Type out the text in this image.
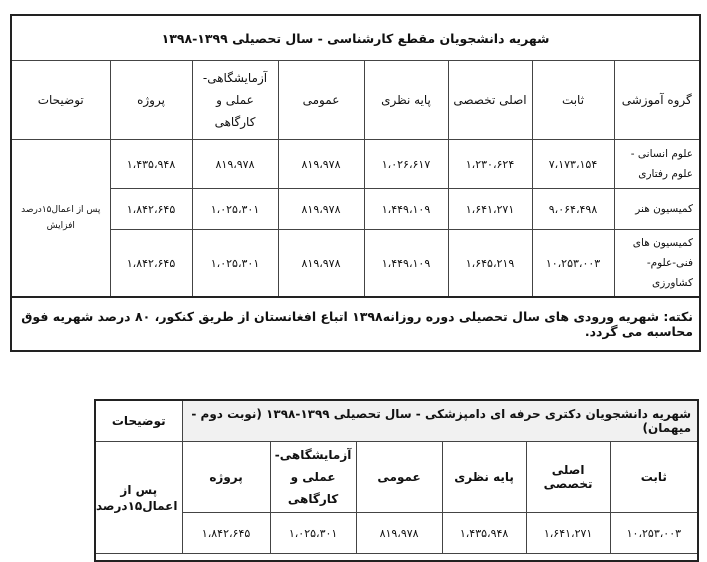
شهریه دانشجویان مقطع کارشناسی - سال تحصیلی ۱۳۹۹-۱۳۹۸							
گروه آموزشی	ثابت	اصلی تخصصی	پایه نظری	عمومی	آزمایشگاهی-
عملی و کارگاهی	پروژه	توضیحات

علوم انسانی -
علوم رفتاری	۷،۱۷۳،۱۵۴	۱،۲۳۰،۶۲۴	۱،۰۲۶،۶۱۷	۸۱۹،۹۷۸	۸۱۹،۹۷۸	۱،۴۳۵،۹۴۸	پس از اعمال۱۵درصد افزایش
کمیسیون هنر	۹،۰۶۴،۴۹۸	۱،۶۴۱،۲۷۱	۱،۴۴۹،۱۰۹	۸۱۹،۹۷۸	۱،۰۲۵،۳۰۱	۱،۸۴۲،۶۴۵	

کمیسیون های
فنی-علوم-
کشاورزی	۱۰،۲۵۳،۰۰۳	۱،۶۴۵،۲۱۹	۱،۴۴۹،۱۰۹	۸۱۹،۹۷۸	۱،۰۲۵،۳۰۱	۱،۸۴۲،۶۴۵	
نکته: شهریه ورودی های سال تحصیلی دوره روزانه۱۳۹۸ اتباع افغانستان از طریق کنکور، ۸۰ درصد شهریه فوق محاسبه می گردد.							
شهریه دانشجویان دکتری حرفه ای دامپزشکی - سال تحصیلی ۱۳۹۹-۱۳۹۸ (نوبت دوم - میهمان)						توضیحات
ثابت	اصلی تخصصی	پایه نظری	عمومی	آزمایشگاهی-
عملی و کارگاهی	پروژه	پس از اعمال۱۵درصد
۱۰،۲۵۳،۰۰۳	۱،۶۴۱،۲۷۱	۱،۴۳۵،۹۴۸	۸۱۹،۹۷۸	۱،۰۲۵،۳۰۱	۱،۸۴۲،۶۴۵	
